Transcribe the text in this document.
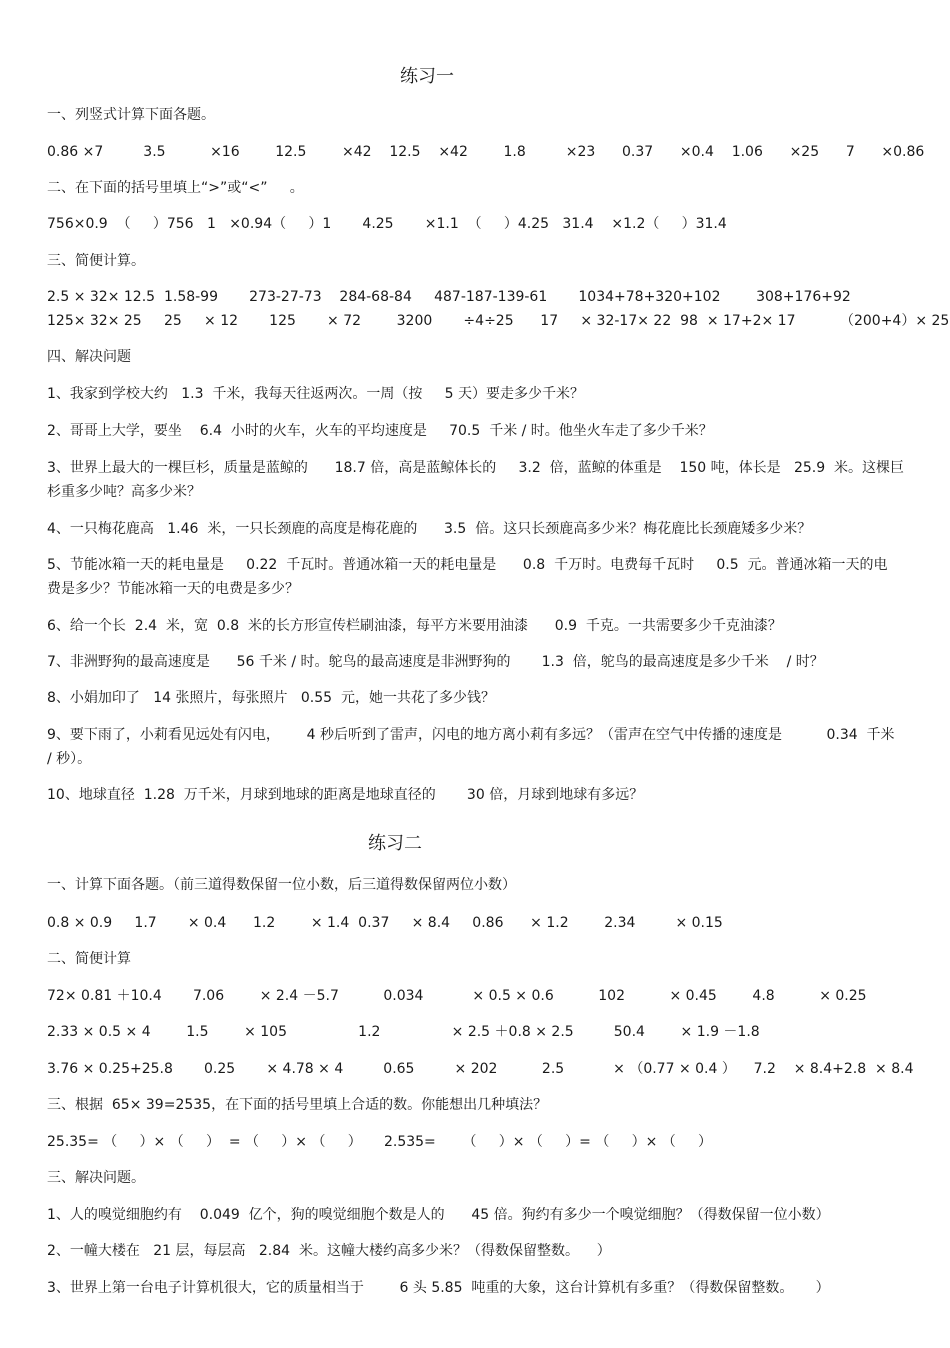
练习一
一、列竖式计算下面各题。
0.86 ×7         3.5          ×16        12.5        ×42    12.5    ×42        1.8         ×23      0.37      ×0.4    1.06      ×25      7      ×0.86
二、在下面的括号里填上“>”或“<”     。
756×0.9  （     ）756   1   ×0.94（     ）1       4.25       ×1.1  （     ）4.25   31.4    ×1.2（     ）31.4
三、简便计算。
2.5 × 32× 12.5  1.58-99       273-27-73    284-68-84     487-187-139-61       1034+78+320+102        308+176+92
125× 32× 25     25     × 12       125       × 72        3200       ÷4÷25      17     × 32-17× 22  98  × 17+2× 17          （200+4）× 25
四、解决问题
1、我家到学校大约   1.3  千米，我每天往返两次。一周（按     5 天）要走多少千米？
2、哥哥上大学，要坐    6.4  小时的火车，火车的平均速度是     70.5  千米 / 时。他坐火车走了多少千米？
3、世界上最大的一棵巨杉，质量是蓝鲸的      18.7 倍，高是蓝鲸体长的     3.2  倍，蓝鲸的体重是    150 吨，体长是   25.9  米。这棵巨
杉重多少吨？高多少米？
4、一只梅花鹿高   1.46  米，一只长颈鹿的高度是梅花鹿的      3.5  倍。这只长颈鹿高多少米？梅花鹿比长颈鹿矮多少米？
5、节能冰箱一天的耗电量是     0.22  千瓦时。普通冰箱一天的耗电量是      0.8  千万时。电费每千瓦时     0.5  元。普通冰箱一天的电
费是多少？节能冰箱一天的电费是多少？
6、给一个长  2.4  米，宽  0.8  米的长方形宣传栏刷油漆，每平方米要用油漆      0.9  千克。一共需要多少千克油漆？
7、非洲野狗的最高速度是      56 千米 / 时。鸵鸟的最高速度是非洲野狗的       1.3  倍，鸵鸟的最高速度是多少千米    / 时？
8、小娟加印了   14 张照片，每张照片   0.55  元，她一共花了多少钱？
9、要下雨了，小莉看见远处有闪电，      4 秒后听到了雷声，闪电的地方离小莉有多远？（雷声在空气中传播的速度是          0.34  千米
/ 秒）。
10、地球直径  1.28  万千米，月球到地球的距离是地球直径的       30 倍，月球到地球有多远？
练习二
一、计算下面各题。（前三道得数保留一位小数，后三道得数保留两位小数）
0.8 × 0.9     1.7       × 0.4      1.2        × 1.4  0.37     × 8.4     0.86      × 1.2        2.34         × 0.15
二、简便计算
72× 0.81 ＋10.4       7.06        × 2.4 －5.7          0.034           × 0.5 × 0.6          102          × 0.45        4.8          × 0.25
2.33 × 0.5 × 4        1.5        × 105                1.2                × 2.5 ＋0.8 × 2.5         50.4        × 1.9 －1.8
3.76 × 0.25+25.8       0.25       × 4.78 × 4         0.65         × 202          2.5           × （0.77 × 0.4 ）    7.2    × 8.4+2.8  × 8.4
三、根据  65× 39=2535，在下面的括号里填上合适的数。你能想出几种填法？
25.35= （     ）× （     ）  = （     ）× （     ）     2.535=      （     ）× （     ）= （     ）× （     ）
三、解决问题。
1、人的嗅觉细胞约有    0.049  亿个，狗的嗅觉细胞个数是人的      45 倍。狗约有多少一个嗅觉细胞？（得数保留一位小数）
2、一幢大楼在   21 层，每层高   2.84  米。这幢大楼约高多少米？（得数保留整数。    ）
3、世界上第一台电子计算机很大，它的质量相当于        6 头 5.85  吨重的大象，这台计算机有多重？（得数保留整数。     ）
